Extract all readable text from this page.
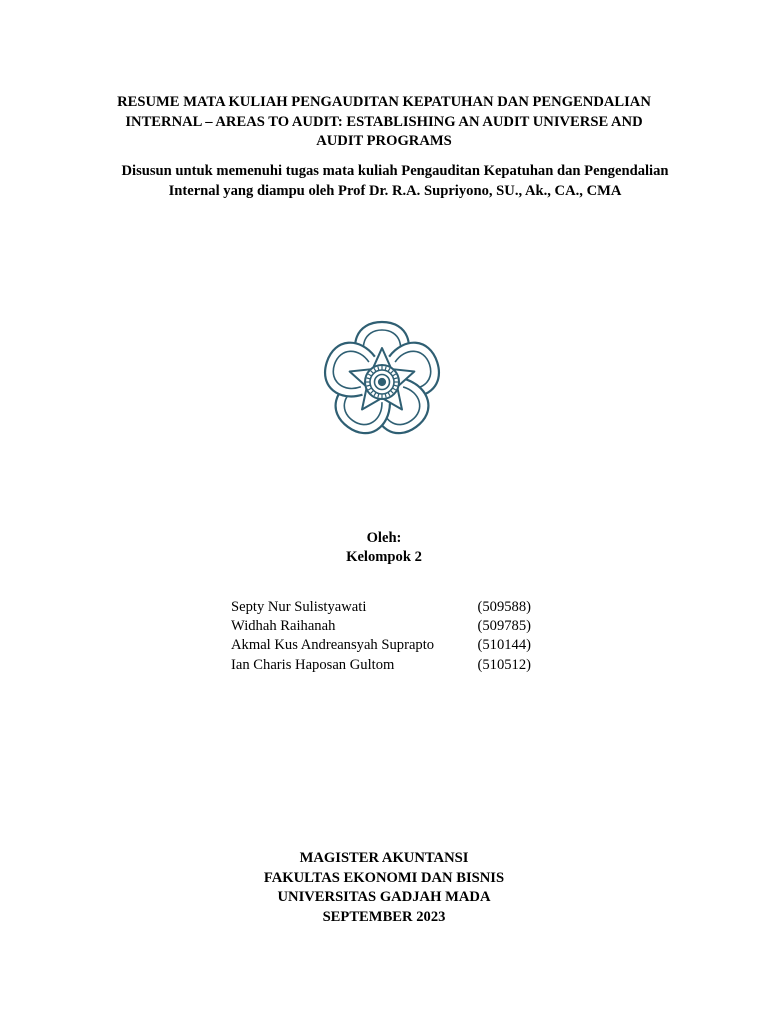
RESUME MATA KULIAH PENGAUDITAN KEPATUHAN DAN PENGENDALIAN
INTERNAL – AREAS TO AUDIT: ESTABLISHING AN AUDIT UNIVERSE AND
AUDIT PROGRAMS
Disusun untuk memenuhi tugas mata kuliah Pengauditan Kepatuhan dan Pengendalian
Internal yang diampu oleh Prof Dr. R.A. Supriyono, SU., Ak., CA., CMA
Oleh:
Kelompok 2
Septy Nur Sulistyawati	(509588)
Widhah Raihanah	(509785)
Akmal Kus Andreansyah Suprapto	(510144)
Ian Charis Haposan Gultom	(510512)
MAGISTER AKUNTANSI
FAKULTAS EKONOMI DAN BISNIS
UNIVERSITAS GADJAH MADA
SEPTEMBER 2023
